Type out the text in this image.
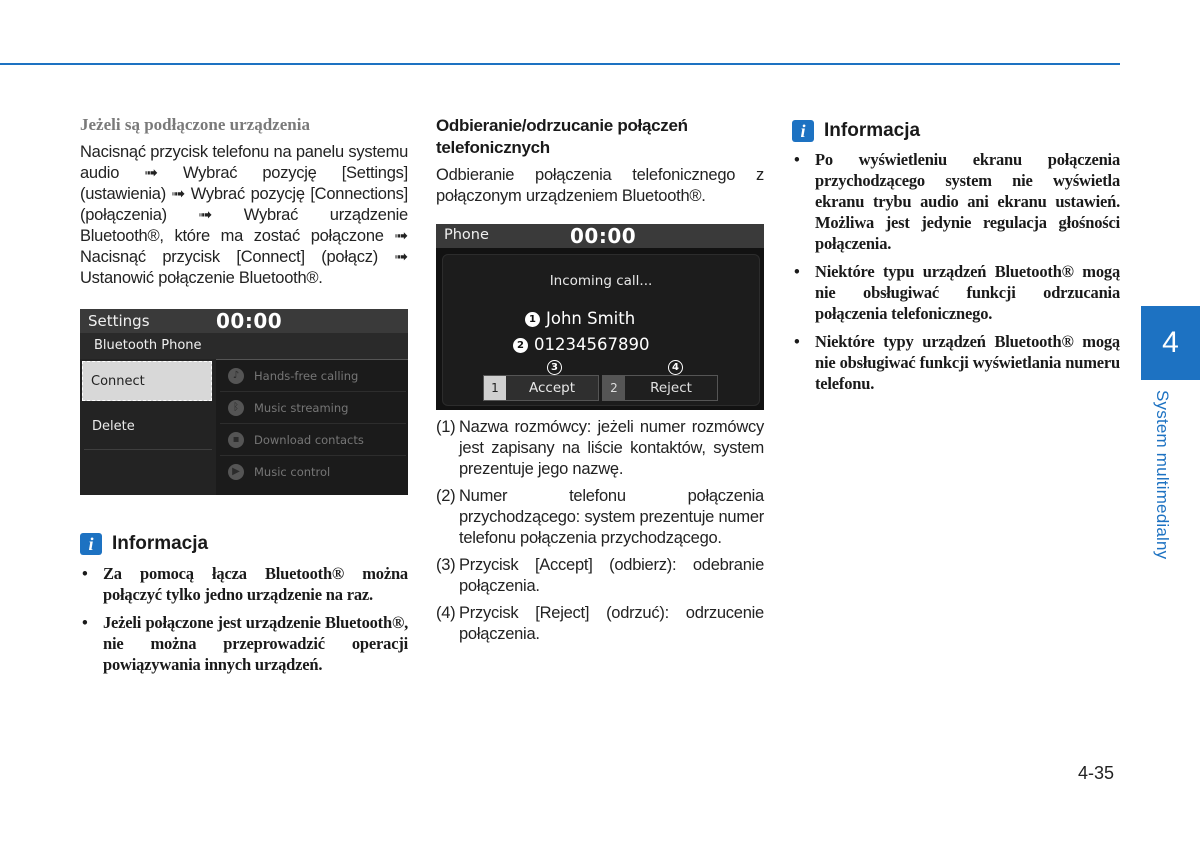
Jeżeli są podłączone urządzenia

Nacisnąć przycisk telefonu na panelu systemu audio ➟ Wybrać pozycję [Settings] (ustawienia) ➟ Wybrać pozycję [Connections] (połączenia) ➟ Wybrać urządzenie Bluetooth®, które ma zostać połączone ➟ Nacisnąć przycisk [Connect] (połącz) ➟ Ustanowić połączenie Bluetooth®.

Settings	00:00
Bluetooth Phone
Connect
Delete
♪	Hands-free calling
ᛒ	Music streaming
▪	Download contacts
▶	Music control
i Informacja
• Za pomocą łącza Bluetooth® można połączyć tylko jedno urządzenie na raz.
• Jeżeli połączone jest urządzenie Bluetooth®, nie można przeprowadzić operacji powiązywania innych urządzeń.

Odbieranie/odrzucanie połączeń telefonicznych

Odbieranie połączenia telefonicznego z połączonym urządzeniem Bluetooth®.

Phone	00:00
Incoming call...
1 John Smith
2 01234567890
3	4
1	Accept	2	Reject
(1) Nazwa rozmówcy: jeżeli numer rozmówcy jest zapisany na liście kontaktów, system prezentuje jego nazwę.
(2) Numer telefonu połączenia przychodzącego: system prezentuje numer telefonu połączenia przychodzącego.
(3) Przycisk [Accept] (odbierz): odebranie połączenia.
(4) Przycisk [Reject] (odrzuć): odrzucenie połączenia.
i Informacja
• Po wyświetleniu ekranu połączenia przychodzącego system nie wyświetla ekranu trybu audio ani ekranu ustawień. Możliwa jest jedynie regulacja głośności połączenia.
• Niektóre typu urządzeń Bluetooth® mogą nie obsługiwać funkcji odrzucania połączenia telefonicznego.
• Niektóre typy urządzeń Bluetooth® mogą nie obsługiwać funkcji wyświetlania numeru telefonu.
4
System multimedialny
4-35
